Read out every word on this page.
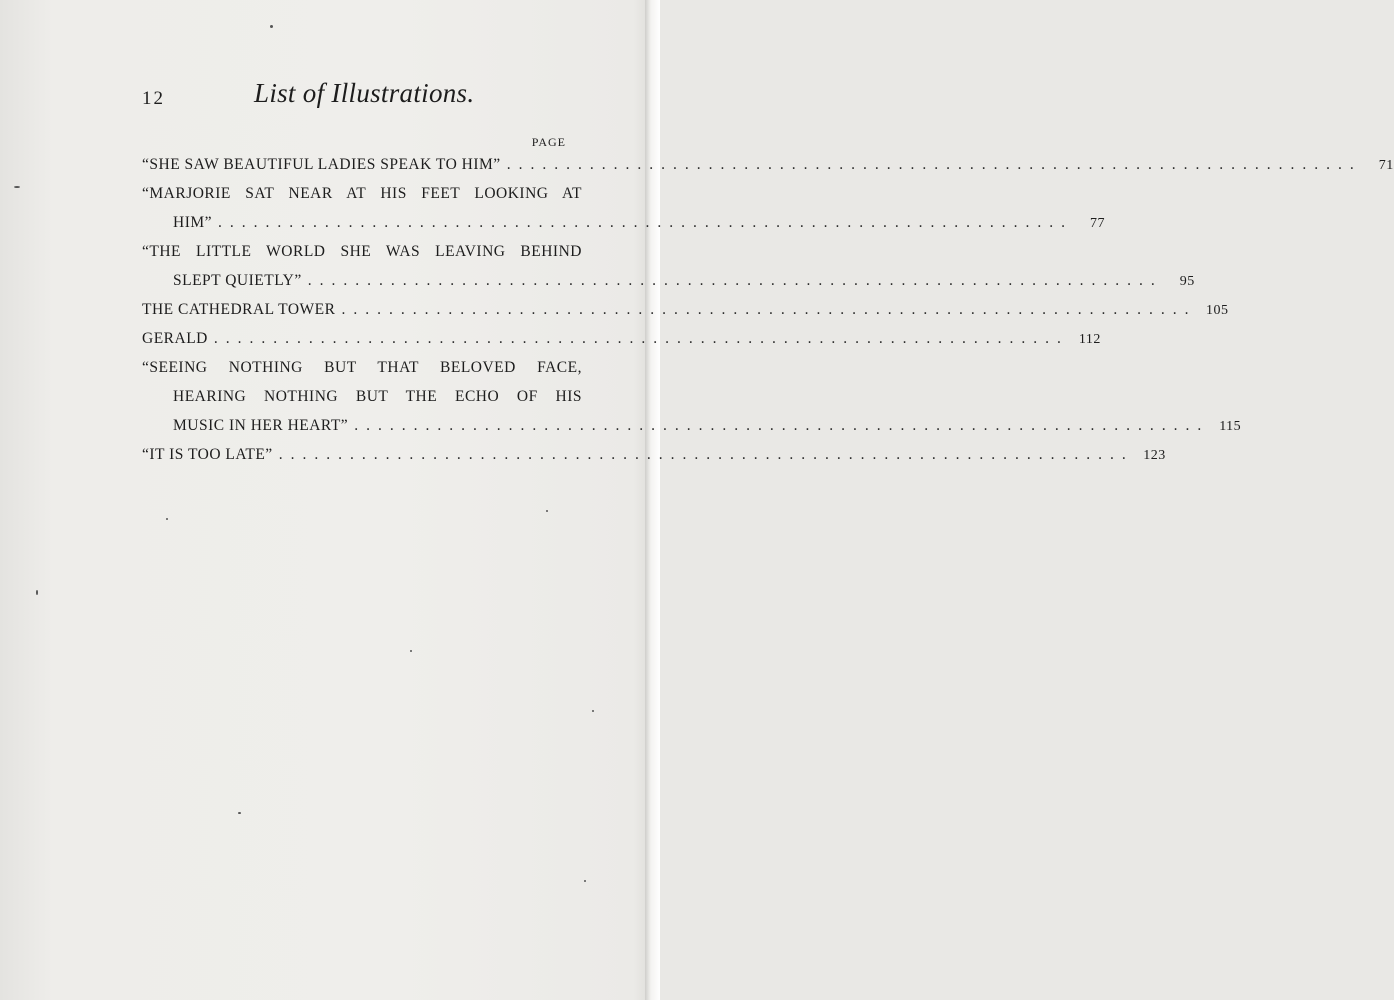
12	List of Illustrations.
PAGE
“SHE SAW BEAUTIFUL LADIES SPEAK TO HIM” ........................................................................	71
“MARJORIE SAT NEAR AT HIS FEET LOOKING AT
HIM” ........................................................................	77
“THE LITTLE WORLD SHE WAS LEAVING BEHIND
SLEPT QUIETLY” ........................................................................	95
THE CATHEDRAL TOWER ........................................................................ 105
GERALD ........................................................................ 112
“SEEING NOTHING BUT THAT BELOVED FACE,
HEARING NOTHING BUT THE ECHO OF HIS
MUSIC IN HER HEART” ........................................................................ 115
“IT IS TOO LATE” ........................................................................ 123
